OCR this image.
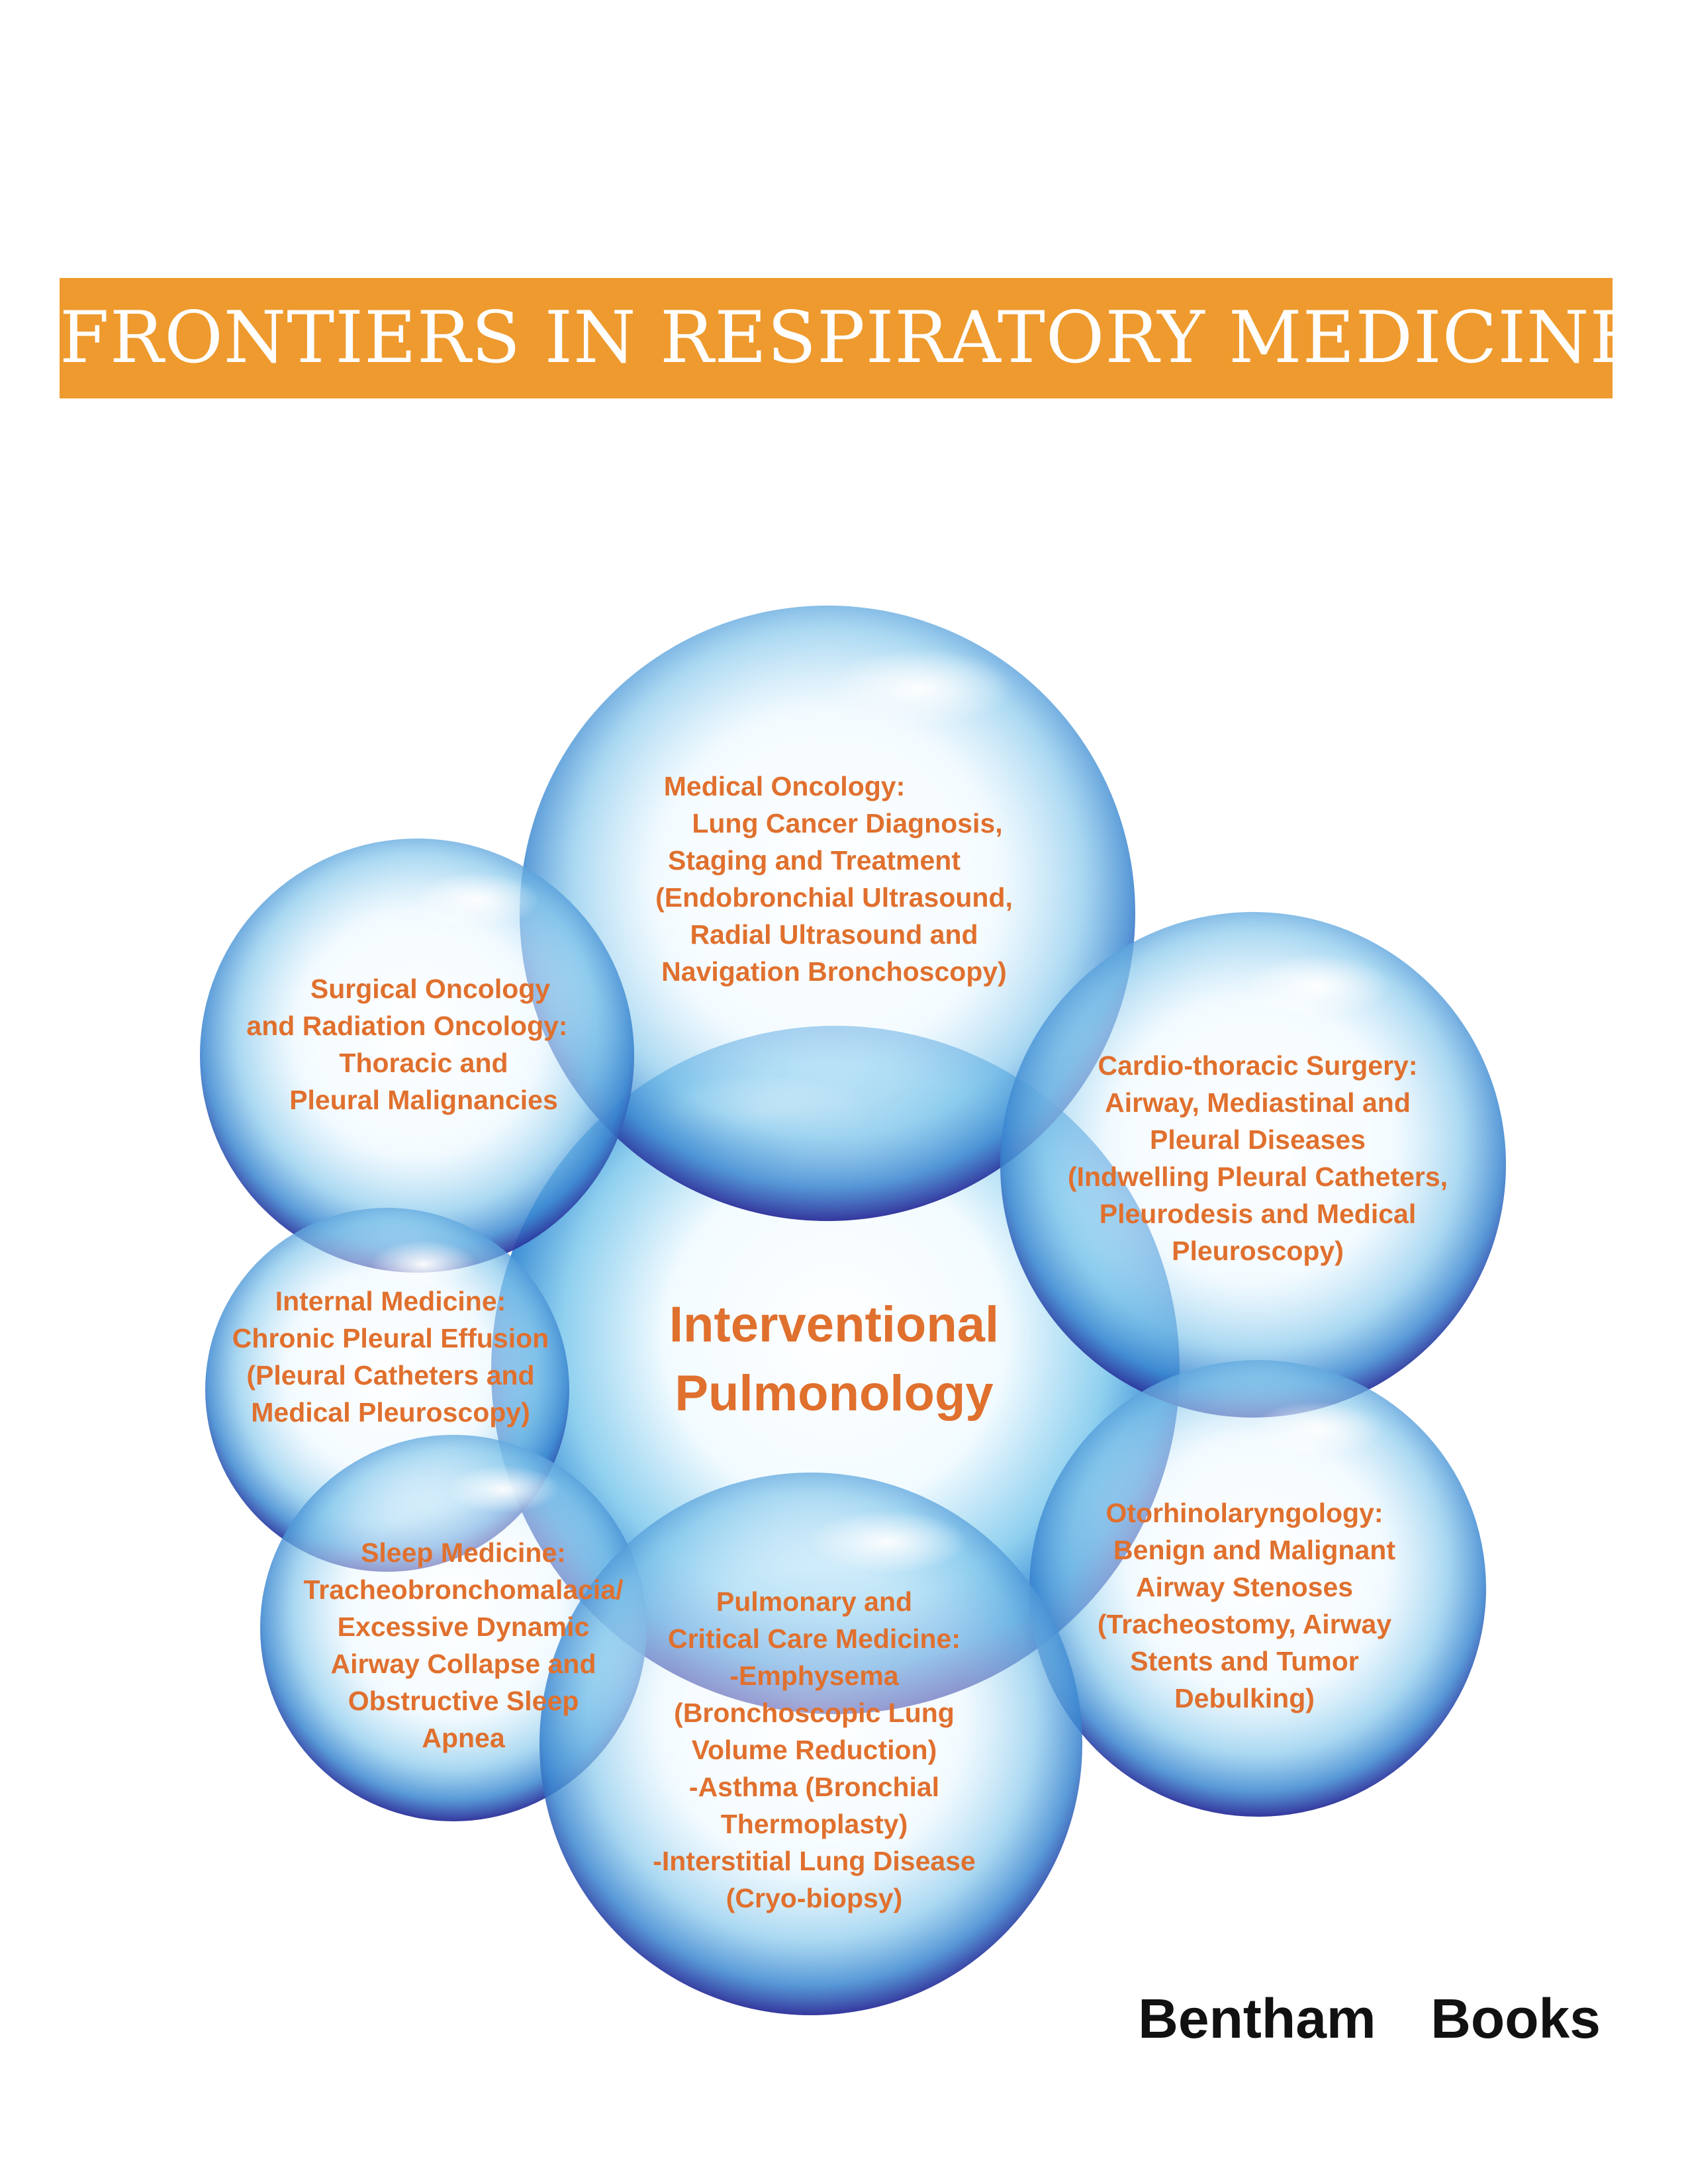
FRONTIERS IN RESPIRATORY MEDICINE
Interventional
Pulmonology
Medical Oncology:
Lung Cancer Diagnosis,
Staging and Treatment
(Endobronchial Ultrasound,
Radial Ultrasound and
Navigation Bronchoscopy)
Surgical Oncology
and Radiation Oncology:
Thoracic and
Pleural Malignancies
Cardio-thoracic Surgery:
Airway, Mediastinal and
Pleural Diseases
(Indwelling Pleural Catheters,
Pleurodesis and Medical
Pleuroscopy)
Internal Medicine:
Chronic Pleural Effusion
(Pleural Catheters and
Medical Pleuroscopy)
Otorhinolaryngology:
Benign and Malignant
Airway Stenoses
(Tracheostomy, Airway
Stents and Tumor
Debulking)
Sleep Medicine:
Tracheobronchomalacia/
Excessive Dynamic
Airway Collapse and
Obstructive Sleep
Apnea
Pulmonary and
Critical Care Medicine:
-Emphysema
(Bronchoscopic Lung
Volume Reduction)
-Asthma (Bronchial
Thermoplasty)
-Interstitial Lung Disease
(Cryo-biopsy)
Bentham  Books
